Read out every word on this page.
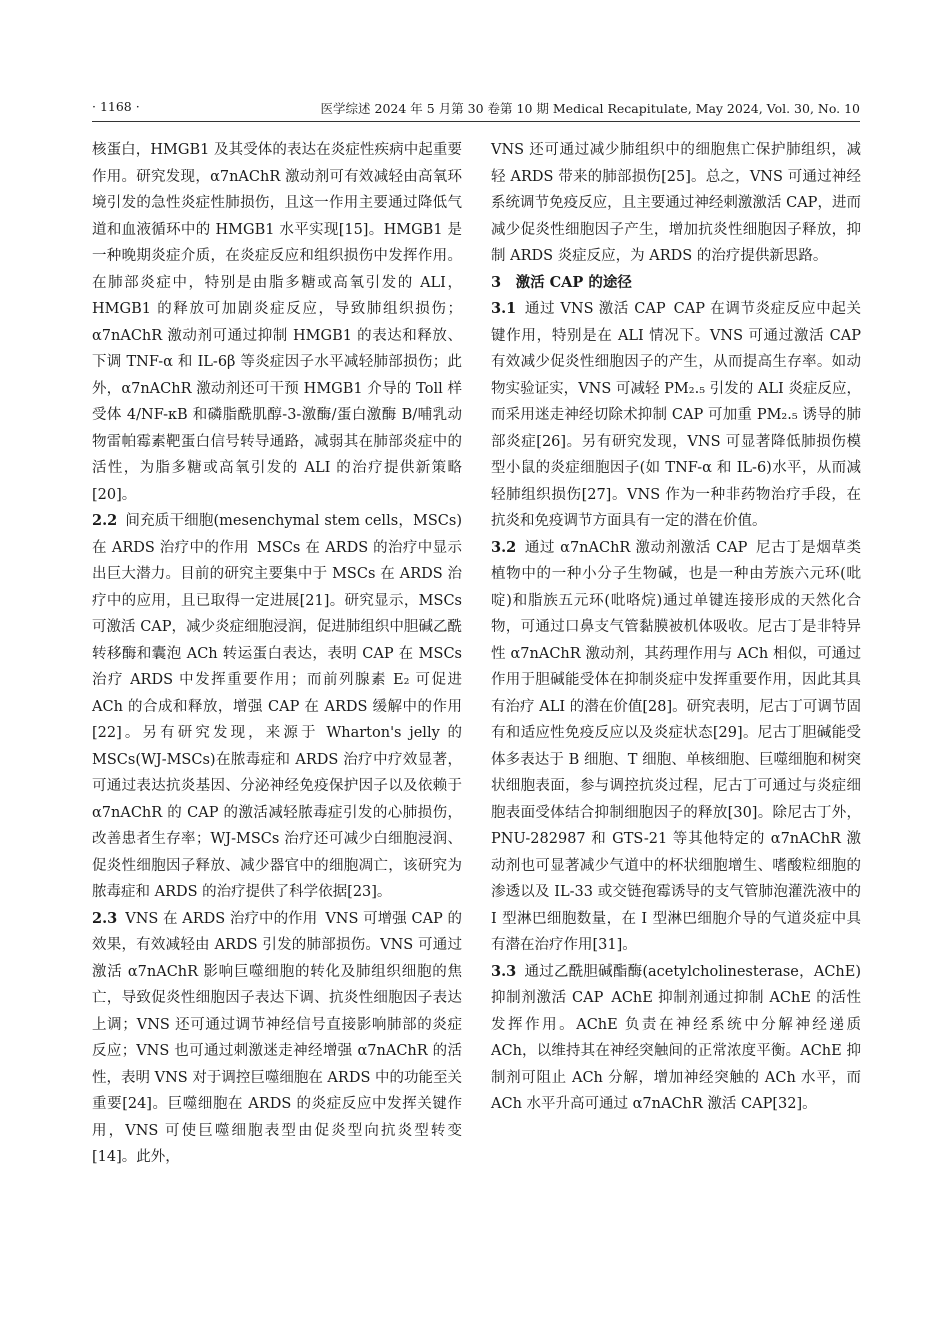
· 1168 ·	医学综述 2024 年 5 月第 30 卷第 10 期 Medical Recapitulate, May 2024, Vol. 30, No. 10

核蛋白，HMGB1 及其受体的表达在炎症性疾病中起重要作用。研究发现，α7nAChR 激动剂可有效减轻由高氧环境引发的急性炎症性肺损伤，且这一作用主要通过降低气道和血液循环中的 HMGB1 水平实现[15]。HMGB1 是一种晚期炎症介质，在炎症反应和组织损伤中发挥作用。在肺部炎症中，特别是由脂多糖或高氧引发的 ALI，HMGB1 的释放可加剧炎症反应，导致肺组织损伤；α7nAChR 激动剂可通过抑制 HMGB1 的表达和释放、下调 TNF-α 和 IL-6β 等炎症因子水平减轻肺部损伤；此外，α7nAChR 激动剂还可干预 HMGB1 介导的 Toll 样受体 4/NF-κB 和磷脂酰肌醇-3-激酶/蛋白激酶 B/哺乳动物雷帕霉素靶蛋白信号转导通路，减弱其在肺部炎症中的活性，为脂多糖或高氧引发的 ALI 的治疗提供新策略[20]。

2.2 间充质干细胞(mesenchymal stem cells，MSCs)在 ARDS 治疗中的作用 MSCs 在 ARDS 的治疗中显示出巨大潜力。目前的研究主要集中于 MSCs 在 ARDS 治疗中的应用，且已取得一定进展[21]。研究显示，MSCs 可激活 CAP，减少炎症细胞浸润，促进肺组织中胆碱乙酰转移酶和囊泡 ACh 转运蛋白表达，表明 CAP 在 MSCs 治疗 ARDS 中发挥重要作用；而前列腺素 E₂ 可促进 ACh 的合成和释放，增强 CAP 在 ARDS 缓解中的作用[22]。另有研究发现，来源于 Wharton's jelly 的 MSCs(WJ-MSCs)在脓毒症和 ARDS 治疗中疗效显著，可通过表达抗炎基因、分泌神经免疫保护因子以及依赖于 α7nAChR 的 CAP 的激活减轻脓毒症引发的心肺损伤，改善患者生存率；WJ-MSCs 治疗还可减少白细胞浸润、促炎性细胞因子释放、减少器官中的细胞凋亡，该研究为脓毒症和 ARDS 的治疗提供了科学依据[23]。

2.3 VNS 在 ARDS 治疗中的作用 VNS 可增强 CAP 的效果，有效减轻由 ARDS 引发的肺部损伤。VNS 可通过激活 α7nAChR 影响巨噬细胞的转化及肺组织细胞的焦亡，导致促炎性细胞因子表达下调、抗炎性细胞因子表达上调；VNS 还可通过调节神经信号直接影响肺部的炎症反应；VNS 也可通过刺激迷走神经增强 α7nAChR 的活性，表明 VNS 对于调控巨噬细胞在 ARDS 中的功能至关重要[24]。巨噬细胞在 ARDS 的炎症反应中发挥关键作用，VNS 可使巨噬细胞表型由促炎型向抗炎型转变[14]。此外，

VNS 还可通过减少肺组织中的细胞焦亡保护肺组织，减轻 ARDS 带来的肺部损伤[25]。总之，VNS 可通过神经系统调节免疫反应，且主要通过神经刺激激活 CAP，进而减少促炎性细胞因子产生，增加抗炎性细胞因子释放，抑制 ARDS 炎症反应，为 ARDS 的治疗提供新思路。

3　激活 CAP 的途径

3.1 通过 VNS 激活 CAP CAP 在调节炎症反应中起关键作用，特别是在 ALI 情况下。VNS 可通过激活 CAP 有效减少促炎性细胞因子的产生，从而提高生存率。如动物实验证实，VNS 可减轻 PM₂.₅ 引发的 ALI 炎症反应，而采用迷走神经切除术抑制 CAP 可加重 PM₂.₅ 诱导的肺部炎症[26]。另有研究发现，VNS 可显著降低肺损伤模型小鼠的炎症细胞因子(如 TNF-α 和 IL-6)水平，从而减轻肺组织损伤[27]。VNS 作为一种非药物治疗手段，在抗炎和免疫调节方面具有一定的潜在价值。

3.2 通过 α7nAChR 激动剂激活 CAP 尼古丁是烟草类植物中的一种小分子生物碱，也是一种由芳族六元环(吡啶)和脂族五元环(吡咯烷)通过单键连接形成的天然化合物，可通过口鼻支气管黏膜被机体吸收。尼古丁是非特异性 α7nAChR 激动剂，其药理作用与 ACh 相似，可通过作用于胆碱能受体在抑制炎症中发挥重要作用，因此其具有治疗 ALI 的潜在价值[28]。研究表明，尼古丁可调节固有和适应性免疫反应以及炎症状态[29]。尼古丁胆碱能受体多表达于 B 细胞、T 细胞、单核细胞、巨噬细胞和树突状细胞表面，参与调控抗炎过程，尼古丁可通过与炎症细胞表面受体结合抑制细胞因子的释放[30]。除尼古丁外，PNU-282987 和 GTS-21 等其他特定的 α7nAChR 激动剂也可显著减少气道中的杯状细胞增生、嗜酸粒细胞的渗透以及 IL-33 或交链孢霉诱导的支气管肺泡灌洗液中的 Ⅰ 型淋巴细胞数量，在 Ⅰ 型淋巴细胞介导的气道炎症中具有潜在治疗作用[31]。

3.3 通过乙酰胆碱酯酶(acetylcholinesterase，AChE)抑制剂激活 CAP AChE 抑制剂通过抑制 AChE 的活性发挥作用。AChE 负责在神经系统中分解神经递质 ACh，以维持其在神经突触间的正常浓度平衡。AChE 抑制剂可阻止 ACh 分解，增加神经突触的 ACh 水平，而 ACh 水平升高可通过 α7nAChR 激活 CAP[32]。
